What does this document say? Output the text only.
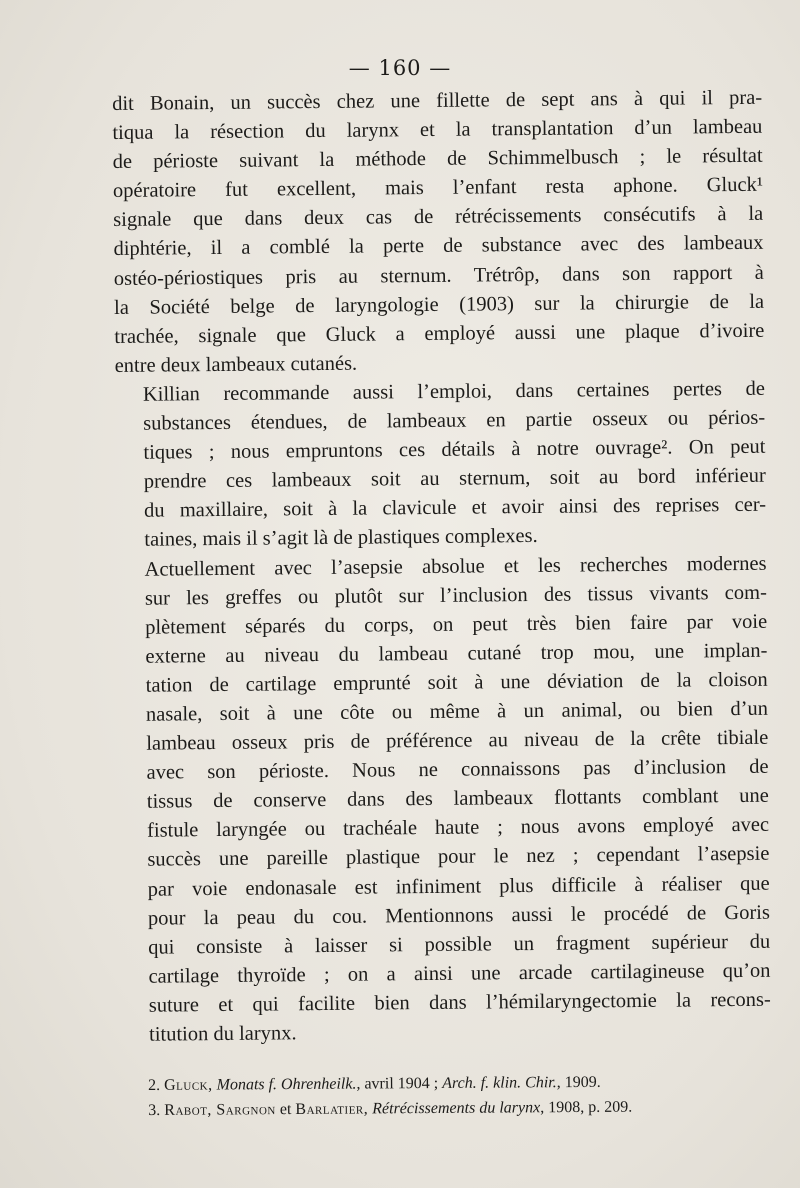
— 160 —

dit Bonain, un succès chez une fillette de sept ans à qui il pra-
tiqua la résection du larynx et la transplantation d’un lambeau
de périoste suivant la méthode de Schimmelbusch ; le résultat
opératoire fut excellent, mais l’enfant resta aphone. Gluck¹
signale que dans deux cas de rétrécissements consécutifs à la
diphtérie, il a comblé la perte de substance avec des lambeaux
ostéo-périostiques pris au sternum. Trétrôp, dans son rapport à
la Société belge de laryngologie (1903) sur la chirurgie de la
trachée, signale que Gluck a employé aussi une plaque d’ivoire
entre deux lambeaux cutanés.

Killian recommande aussi l’emploi, dans certaines pertes de
substances étendues, de lambeaux en partie osseux ou périos-
tiques ; nous empruntons ces détails à notre ouvrage². On peut
prendre ces lambeaux soit au sternum, soit au bord inférieur
du maxillaire, soit à la clavicule et avoir ainsi des reprises cer-
taines, mais il s’agit là de plastiques complexes.

Actuellement avec l’asepsie absolue et les recherches modernes
sur les greffes ou plutôt sur l’inclusion des tissus vivants com-
plètement séparés du corps, on peut très bien faire par voie
externe au niveau du lambeau cutané trop mou, une implan-
tation de cartilage emprunté soit à une déviation de la cloison
nasale, soit à une côte ou même à un animal, ou bien d’un
lambeau osseux pris de préférence au niveau de la crête tibiale
avec son périoste. Nous ne connaissons pas d’inclusion de
tissus de conserve dans des lambeaux flottants comblant une
fistule laryngée ou trachéale haute ; nous avons employé avec
succès une pareille plastique pour le nez ; cependant l’asepsie
par voie endonasale est infiniment plus difficile à réaliser que
pour la peau du cou. Mentionnons aussi le procédé de Goris
qui consiste à laisser si possible un fragment supérieur du
cartilage thyroïde ; on a ainsi une arcade cartilagineuse qu’on
suture et qui facilite bien dans l’hémilaryngectomie la recons-
titution du larynx.

2. Gluck, Monats f. Ohrenheilk., avril 1904 ; Arch. f. klin. Chir., 1909.
3. Rabot, Sargnon et Barlatier, Rétrécissements du larynx, 1908, p. 209.
